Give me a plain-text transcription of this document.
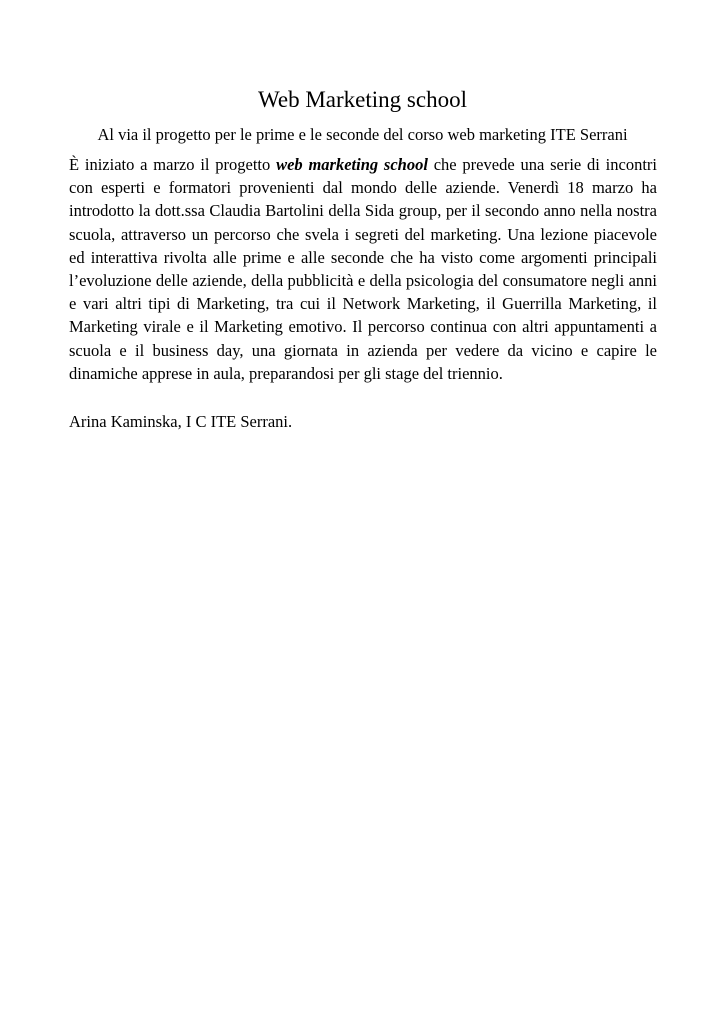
Web Marketing school

Al via il progetto per le prime e le seconde del corso web marketing ITE Serrani

È iniziato a marzo il progetto web marketing school che prevede una serie di incontri con esperti e formatori provenienti dal mondo delle aziende. Venerdì 18 marzo ha introdotto la dott.ssa Claudia Bartolini della Sida group, per il secondo anno nella nostra scuola, attraverso un percorso che svela i segreti del marketing. Una lezione piacevole ed interattiva rivolta alle prime e alle seconde che ha visto come argomenti principali l’evoluzione delle aziende, della pubblicità e della psicologia del consumatore negli anni e vari altri tipi di Marketing, tra cui il Network Marketing, il Guerrilla Marketing, il Marketing virale e il Marketing emotivo. Il percorso continua con altri appuntamenti a scuola e il business day, una giornata in azienda per vedere da vicino e capire le dinamiche apprese in aula, preparandosi per gli stage del triennio.

Arina Kaminska, I C ITE Serrani.
